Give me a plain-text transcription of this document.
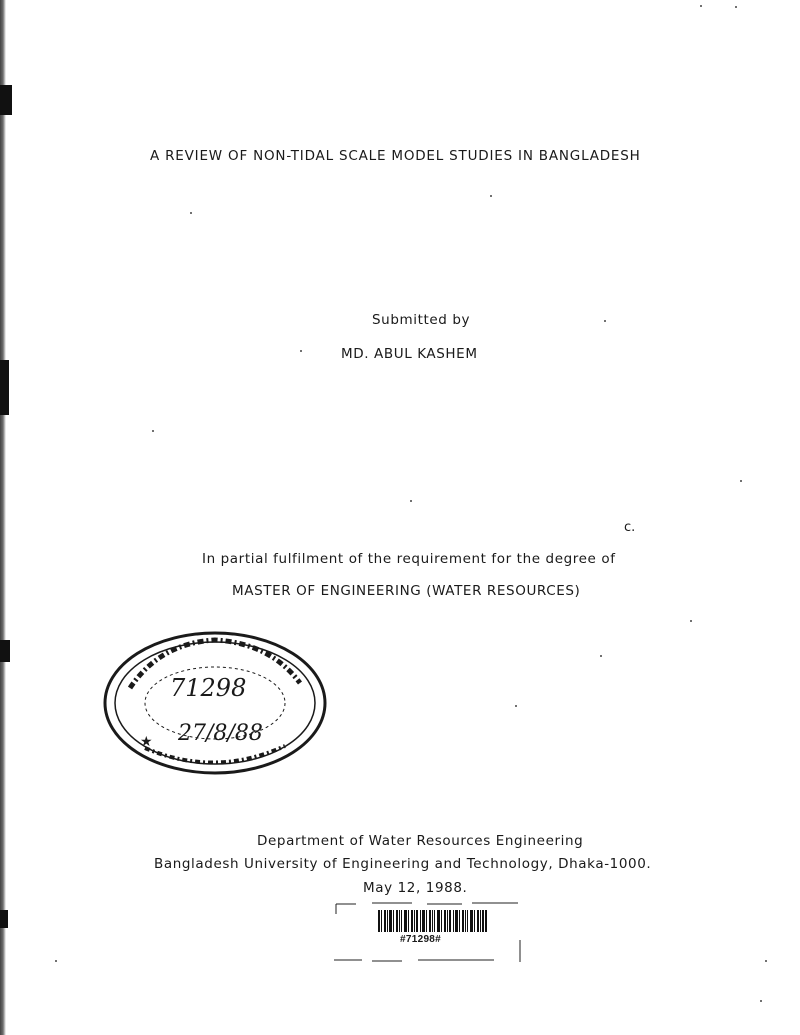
A REVIEW OF NON-TIDAL SCALE MODEL STUDIES IN BANGLADESH
Submitted by
MD. ABUL KASHEM
c.
In partial fulfilment of the requirement for the degree of
MASTER OF ENGINEERING (WATER RESOURCES)
★
71298
27/8/88
Department of Water Resources Engineering
Bangladesh University of Engineering and Technology, Dhaka-1000.
May 12, 1988.
#71298#
